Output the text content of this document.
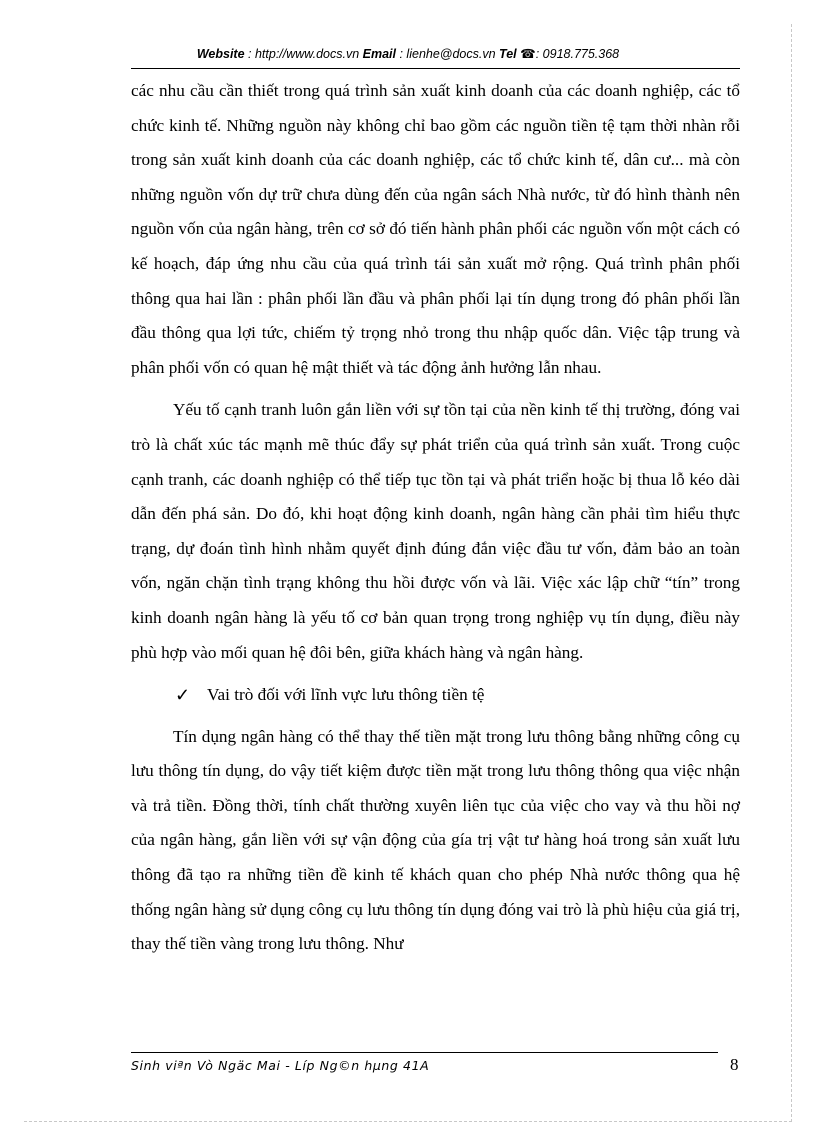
Website : http://www.docs.vn Email : lienhe@docs.vn Tel ☎: 0918.775.368

các nhu cầu cần thiết trong quá trình sản xuất kinh doanh của các doanh nghiệp, các tổ chức kinh tế. Những nguồn này không chỉ bao gồm các nguồn tiền tệ tạm thời nhàn rỗi trong sản xuất kinh doanh của các doanh nghiệp, các tổ chức kinh tế, dân cư... mà còn những nguồn vốn dự trữ chưa dùng đến của ngân sách Nhà nước, từ đó hình thành nên nguồn vốn của ngân hàng, trên cơ sở đó tiến hành phân phối các nguồn vốn một cách có kế hoạch, đáp ứng nhu cầu của quá trình tái sản xuất mở rộng. Quá trình phân phối thông qua hai lần : phân phối lần đầu và phân phối lại tín dụng trong đó phân phối lần đầu thông qua lợi tức, chiếm tỷ trọng nhỏ trong thu nhập quốc dân. Việc tập trung và phân phối vốn có quan hệ mật thiết và tác động ảnh hưởng lẫn nhau.

Yếu tố cạnh tranh luôn gắn liền với sự tồn tại của nền kinh tế thị trường, đóng vai trò là chất xúc tác mạnh mẽ thúc đẩy sự phát triển của quá trình sản xuất. Trong cuộc cạnh tranh, các doanh nghiệp có thể tiếp tục tồn tại và phát triển hoặc bị thua lỗ kéo dài dẫn đến phá sản. Do đó, khi hoạt động kinh doanh, ngân hàng cần phải tìm hiểu thực trạng, dự đoán tình hình nhằm quyết định đúng đắn việc đầu tư vốn, đảm bảo an toàn vốn, ngăn chặn tình trạng không thu hồi được vốn và lãi. Việc xác lập chữ “tín” trong kinh doanh ngân hàng là yếu tố cơ bản quan trọng trong nghiệp vụ tín dụng, điều này phù hợp vào mối quan hệ đôi bên, giữa khách hàng và ngân hàng.

✓ Vai trò đối với lĩnh vực lưu thông tiền tệ

Tín dụng ngân hàng có thể thay thế tiền mặt trong lưu thông bằng những công cụ lưu thông tín dụng, do vậy tiết kiệm được tiền mặt trong lưu thông thông qua việc nhận và trả tiền. Đồng thời, tính chất thường xuyên liên tục của việc cho vay và thu hồi nợ của ngân hàng, gắn liền với sự vận động của gía trị vật tư hàng hoá trong sản xuất lưu thông đã tạo ra những tiền đề kinh tế khách quan cho phép Nhà nước thông qua hệ thống ngân hàng sử dụng công cụ lưu thông tín dụng đóng vai trò là phù hiệu của giá trị, thay thế tiền vàng trong lưu thông. Như

Sinh viªn Vò Ngäc Mai - Líp Ng©n hµng 41A	8
